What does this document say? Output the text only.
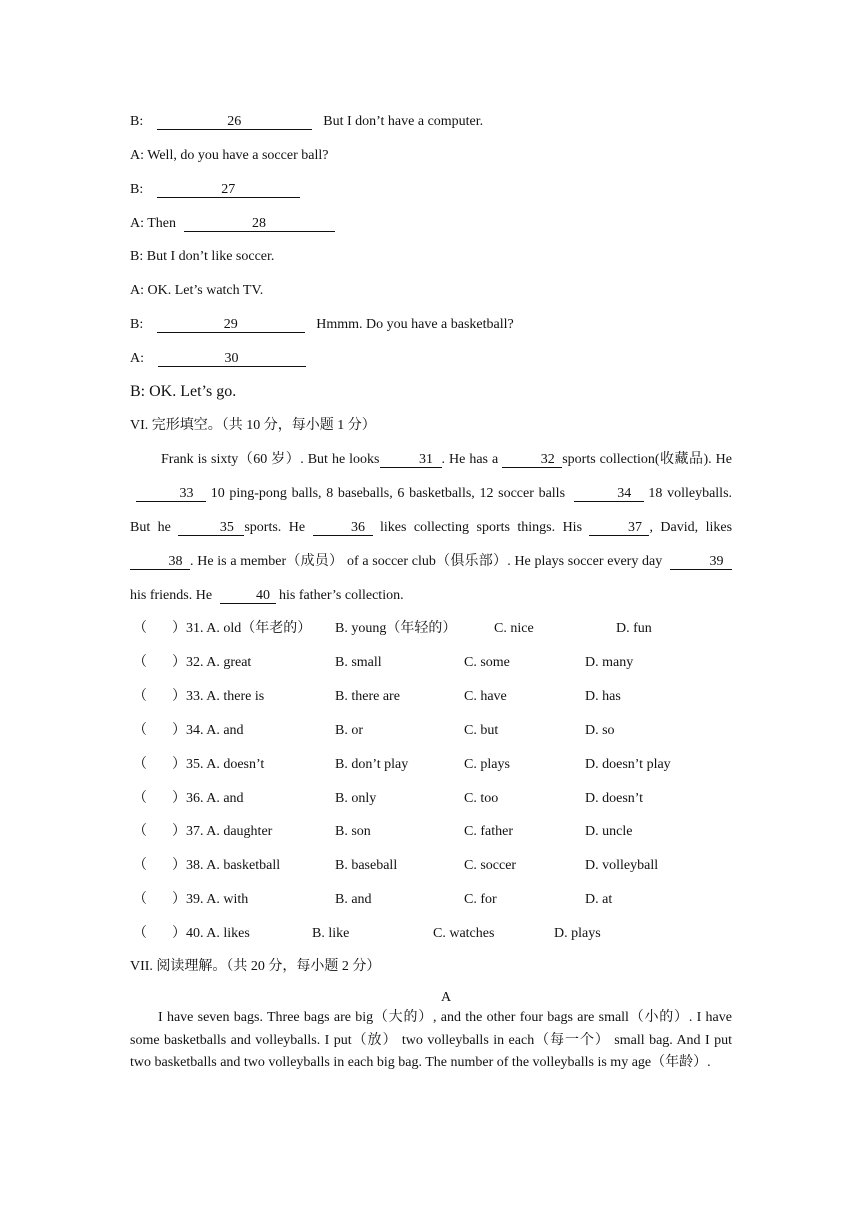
B:	26	But I don’t have a computer.
A: Well, do you have a soccer ball?
B:	27
A: Then	28
B: But I don’t like soccer.
A: OK. Let’s watch TV.
B:	29	Hmmm. Do you have a basketball?
A:	30
B: OK. Let’s go.
VI. 完形填空。（共 10 分，每小题 1 分）
Frank is sixty（60 岁）. But he looks	31 . He has a	32 sports collection(收藏品). He 33 10 ping-pong balls, 8 baseballs, 6 basketballs, 12 soccer balls	34 18 volleyballs. But he	35 sports. He	36 likes collecting sports things. His	37 , David, likes 38 . He is a member（成员） of a soccer club（俱乐部）. He plays soccer every day	39 his friends. He	40 his father’s collection.
（ ）31. A. old（年老的） B. young（年轻的）	C. nice	D. fun
（ ）32. A. great	B. small	C. some	D. many
（ ）33. A. there is	B. there are	C. have	D. has
（ ）34. A. and	B. or	C. but	D. so
（ ）35. A. doesn’t	B. don’t play	C. plays	D. doesn’t play
（ ）36. A. and	B. only	C. too	D. doesn’t
（ ）37. A. daughter	B. son	C. father	D. uncle
（ ）38. A. basketball	B. baseball	C. soccer	D. volleyball
（ ）39. A. with	B. and	C. for	D. at
（ ）40. A. likes	B. like	C. watches	D. plays
VII. 阅读理解。（共 20 分，每小题 2 分）
A
I have seven bags. Three bags are big（大的）, and the other four bags are small（小的）. I have some basketballs and volleyballs. I put（放） two volleyballs in each（每一个） small bag. And I put two basketballs and two volleyballs in each big bag. The number of the volleyballs is my age（年龄）.
